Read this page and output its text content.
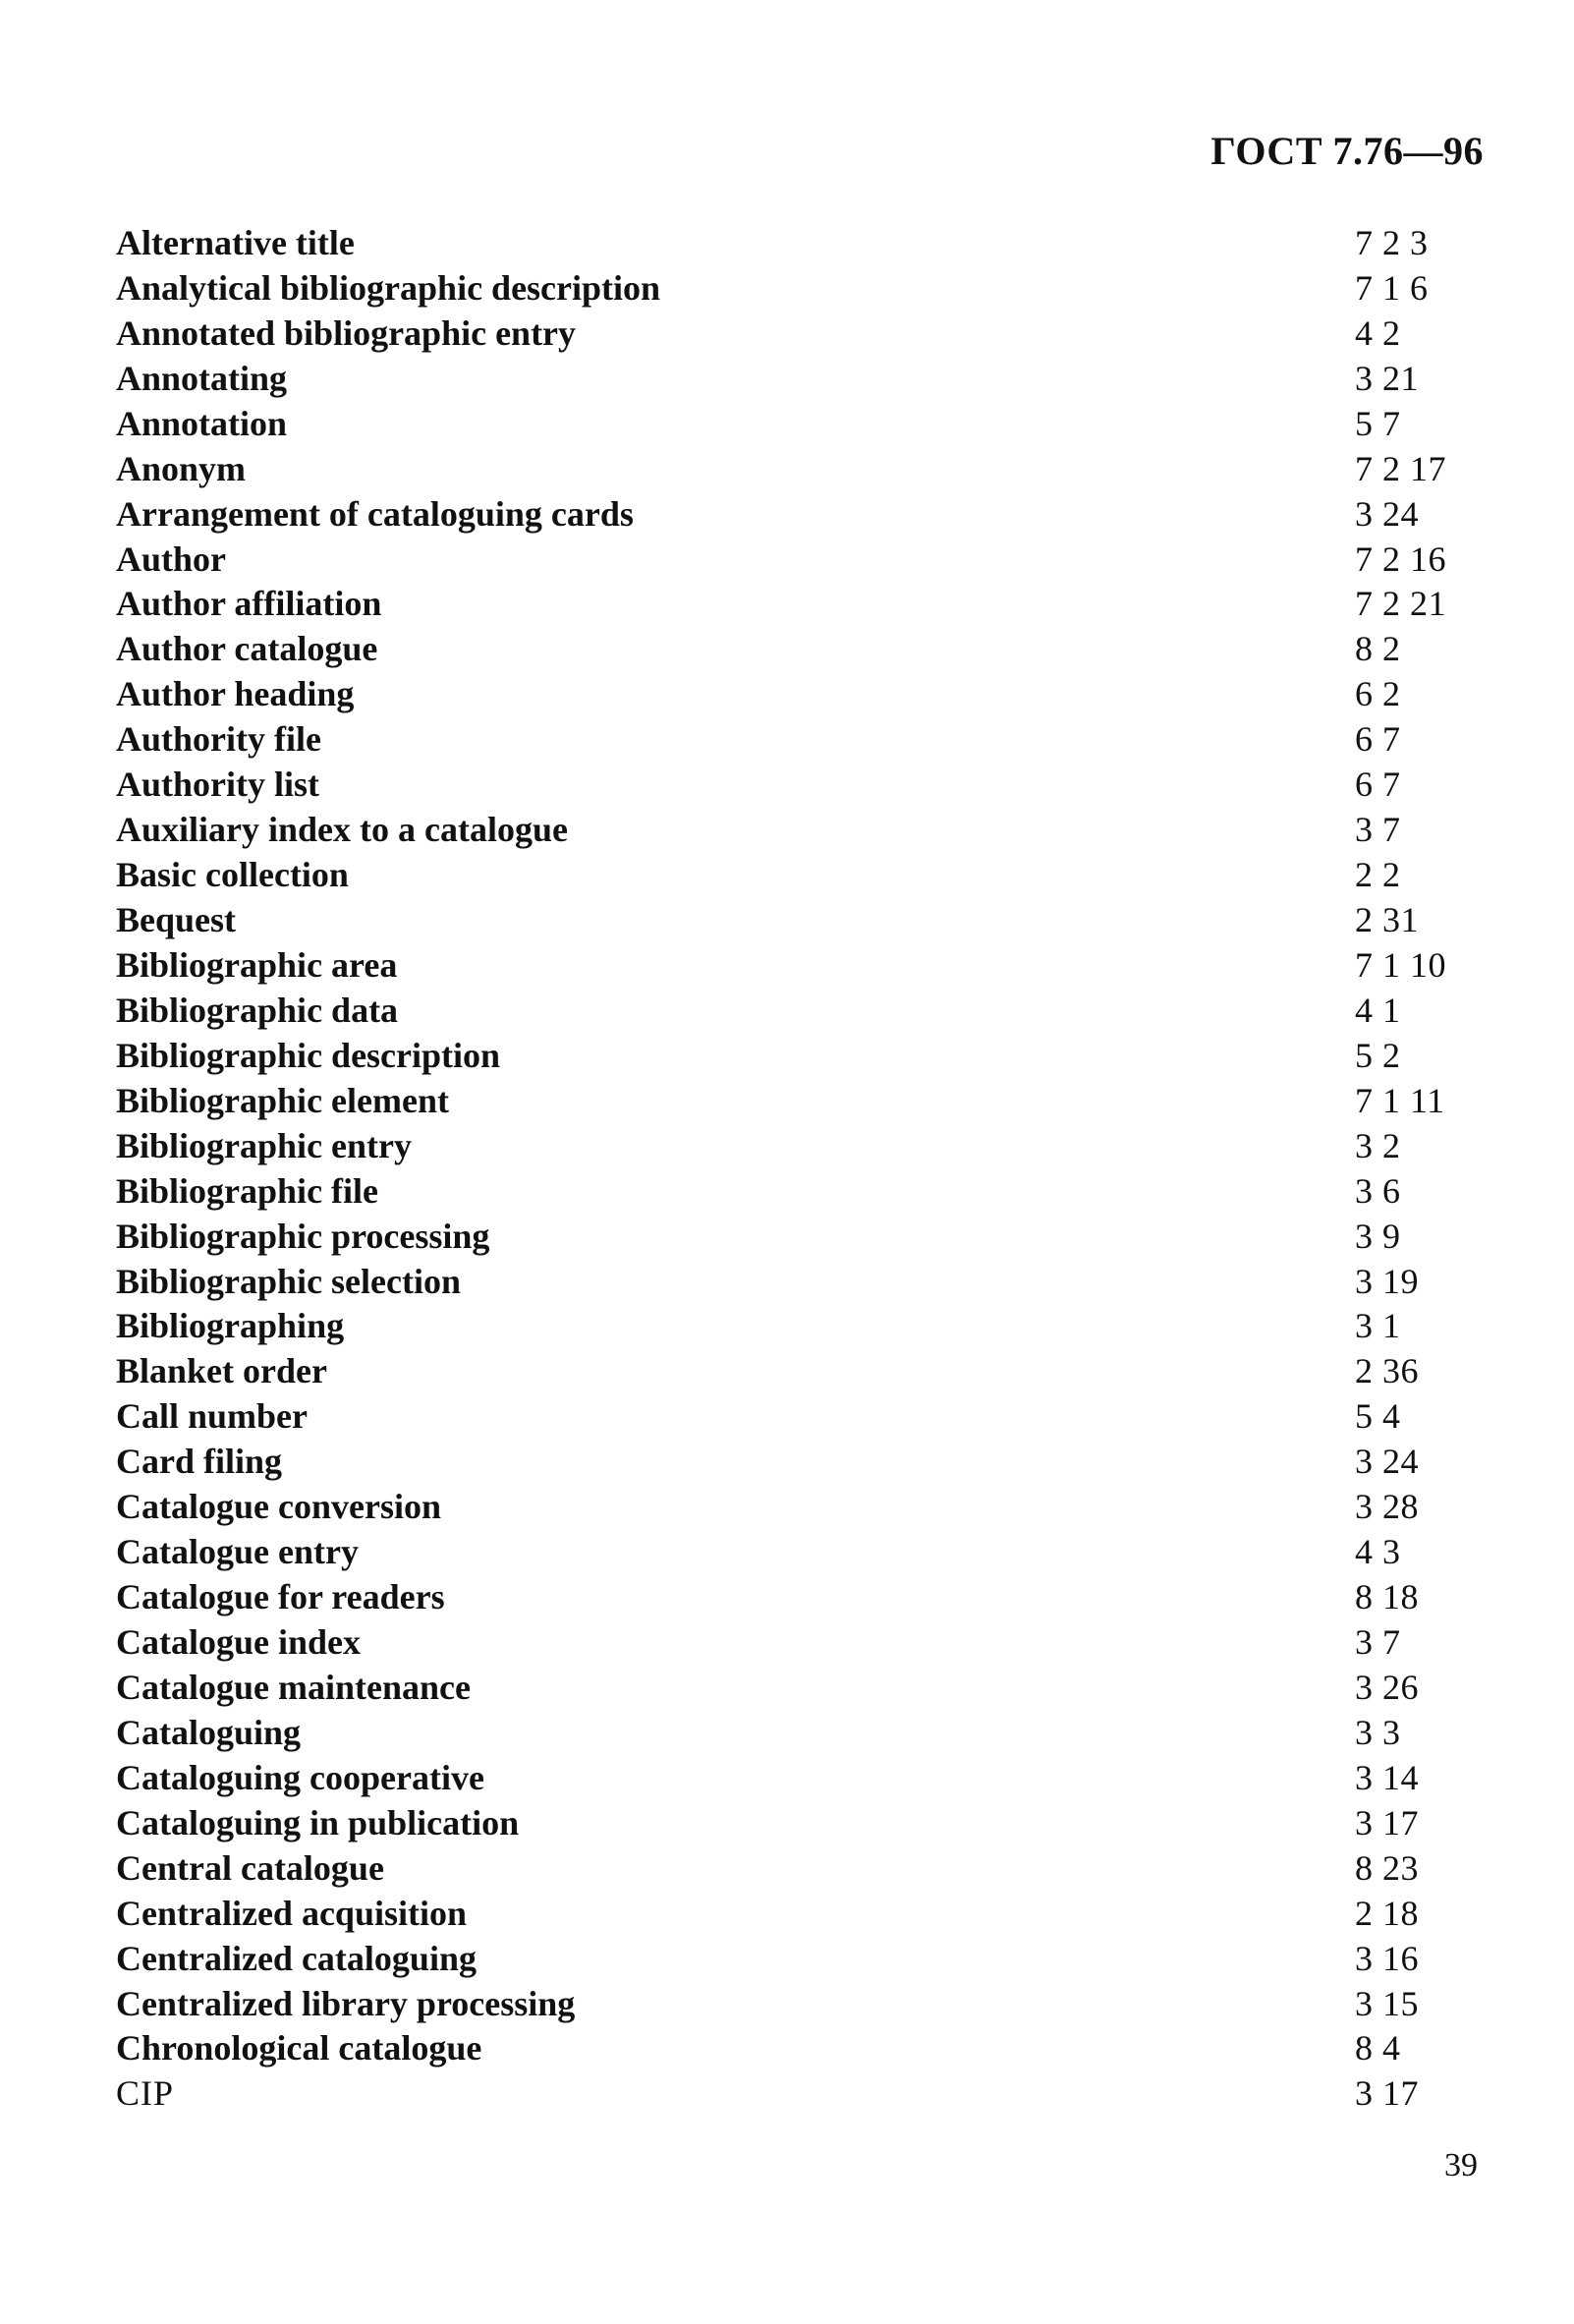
ГОСТ 7.76—96
Alternative title	7 2 3
Analytical bibliographic description	7 1 6
Annotated bibliographic entry	4 2
Annotating	3 21
Annotation	5 7
Anonym	7 2 17
Arrangement of cataloguing cards	3 24
Author	7 2 16
Author affiliation	7 2 21
Author catalogue	8 2
Author heading	6 2
Authority file	6 7
Authority list	6 7
Auxiliary index to a catalogue	3 7
Basic collection	2 2
Bequest	2 31
Bibliographic area	7 1 10
Bibliographic data	4 1
Bibliographic description	5 2
Bibliographic element	7 1 11
Bibliographic entry	3 2
Bibliographic file	3 6
Bibliographic processing	3 9
Bibliographic selection	3 19
Bibliographing	3 1
Blanket order	2 36
Call number	5 4
Card filing	3 24
Catalogue conversion	3 28
Catalogue entry	4 3
Catalogue for readers	8 18
Catalogue index	3 7
Catalogue maintenance	3 26
Cataloguing	3 3
Cataloguing cooperative	3 14
Cataloguing in publication	3 17
Central catalogue	8 23
Centralized acquisition	2 18
Centralized cataloguing	3 16
Centralized library processing	3 15
Chronological catalogue	8 4
CIP	3 17
39
